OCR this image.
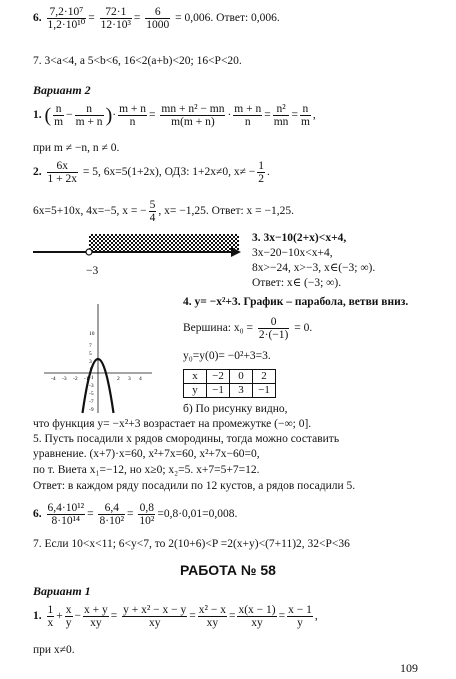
6. $\frac{\text{7,2·10⁷}}{\text{1,2·10¹⁰}} = \frac{72\cdot 1}{\text{12·10³}} = \frac{6}{1000} = 0,006$. Ответ: 0,006.
7. 3<a<4, а 5<b<6, 16<2(a+b)<20; 16<P<20.
Вариант 2
1. ( $\frac{n}{m} - \frac{n}{m + n}$ )· $\frac{m + n}{n} = \frac{\text{mn + n² − mn}}{m(m + n)} \cdot \frac{m + n}{n} = \frac{\text{n²}}{mn} = \frac{n}{m}$ ,
при m ≠ −n, n ≠ 0.
2. $\frac{6x}{1 + 2x} = 5$, 6x=5(1+2x), ОДЗ: 1+2x≠0, $x\ne - \frac{1}{2}$ .
6x=5+10x, 4x=−5, x = − $\frac{5}{4}$ , x= −1,25. Ответ: x = −1,25.
−3
3. 3x−10(2+x)<x+4,
3x−20−10x<x+4,
8x>−24, x>−3, x∈(−3; ∞).
Ответ: x∈ (−3; ∞).
-4 -3 -2 -1	1 2 3 4
10
7
5
3
1
-1
-3
-5
-7
-9
4. y= −x²+3. График – парабола, ветви вниз.
Вершина: $x_0 = \frac{0}{2\cdot(-1)} = 0$.
y₀=y(0)= −0²+3=3.
x	−2	0	2
y	−1	3	−1
б) По рисунку видно,
что функция y= −x²+3 возрастает на промежутке (−∞; 0].
5. Пусть посадили x рядов смородины, тогда можно составить
уравнение. (x+7)·x=60, x²+7x=60, x²+7x−60=0,
по т. Виета x₁=−12, но x≥0; x₂=5. x+7=5+7=12.
Ответ: в каждом ряду посадили по 12 кустов, а рядов посадили 5.
6. $\frac{\text{6,4·10¹²}}{\text{8·10¹⁴}} = \frac{6,4}{\text{8·10²}} = \frac{0,8}{\text{10²}} =0,8\cdot 0,01=0,008$.
7. Если 10<x<11; 6<y<7, то 2(10+6)<P =2(x+y)<(7+11)2, 32<P<36
РАБОТА № 58
Вариант 1
1. $\frac{1}{x} + \frac{x}{y} - \frac{x + y}{xy} = \frac{\text{y + x² − x − y}}{xy} = \frac{\text{x² − x}}{xy} = \frac{x(x - 1)}{xy} = \frac{x - 1}{y}$ ,
при x≠0.
109
